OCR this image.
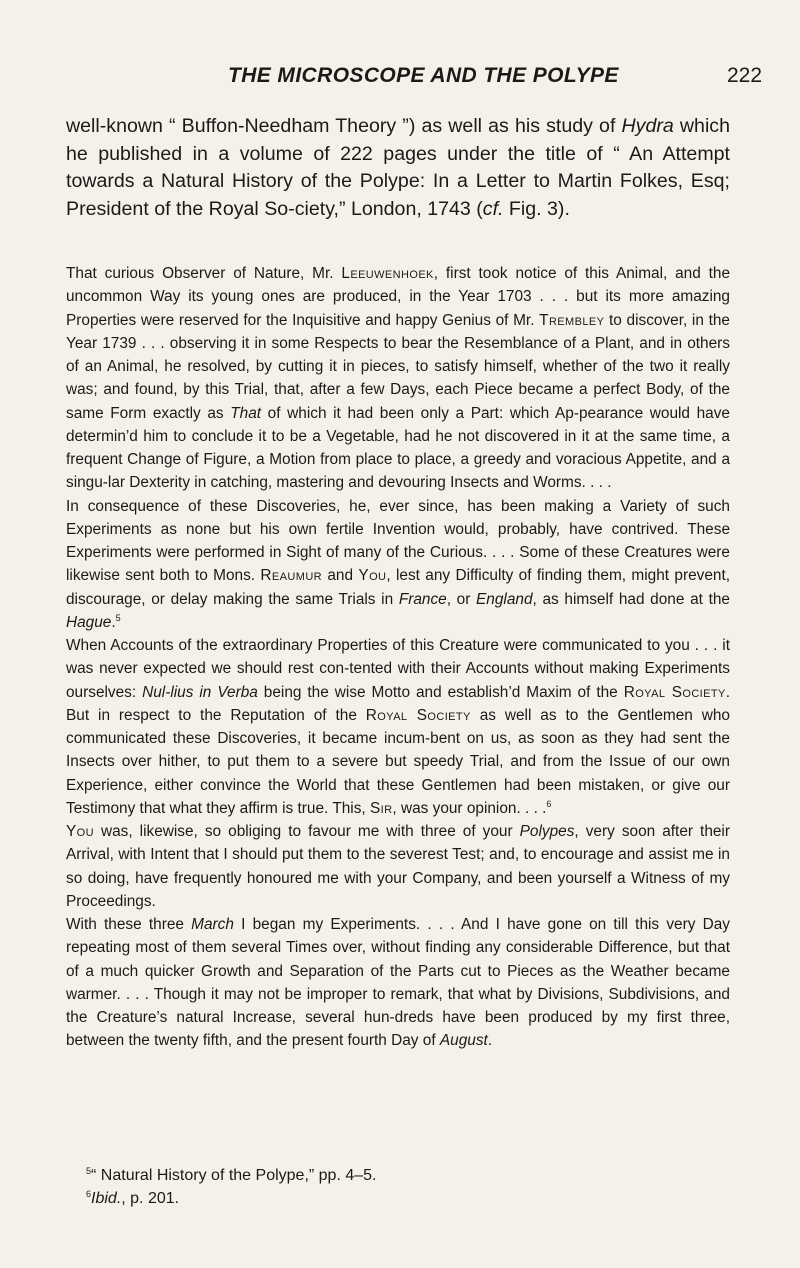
THE MICROSCOPE AND THE POLYPE	222

well-known “ Buffon-Needham Theory ”) as well as his study of Hydra which he published in a volume of 222 pages under the title of “ An Attempt towards a Natural History of the Polype: In a Letter to Martin Folkes, Esq; President of the Royal So-ciety,” London, 1743 (cf. Fig. 3).

That curious Observer of Nature, Mr. Leeuwenhoek, first took notice of this Animal, and the uncommon Way its young ones are produced, in the Year 1703 . . . but its more amazing Properties were reserved for the Inquisitive and happy Genius of Mr. Trembley to discover, in the Year 1739 . . . observing it in some Respects to bear the Resemblance of a Plant, and in others of an Animal, he resolved, by cutting it in pieces, to satisfy himself, whether of the two it really was; and found, by this Trial, that, after a few Days, each Piece became a perfect Body, of the same Form exactly as That of which it had been only a Part: which Ap-pearance would have determin’d him to conclude it to be a Vegetable, had he not discovered in it at the same time, a frequent Change of Figure, a Motion from place to place, a greedy and voracious Appetite, and a singu-lar Dexterity in catching, mastering and devouring Insects and Worms. . . .

In consequence of these Discoveries, he, ever since, has been making a Variety of such Experiments as none but his own fertile Invention would, probably, have contrived. These Experiments were performed in Sight of many of the Curious. . . . Some of these Creatures were likewise sent both to Mons. Reaumur and You, lest any Difficulty of finding them, might prevent, discourage, or delay making the same Trials in France, or England, as himself had done at the Hague.$^5$

When Accounts of the extraordinary Properties of this Creature were communicated to you . . . it was never expected we should rest con-tented with their Accounts without making Experiments ourselves: Nul-lius in Verba being the wise Motto and establish’d Maxim of the Royal Society. But in respect to the Reputation of the Royal Society as well as to the Gentlemen who communicated these Discoveries, it became incum-bent on us, as soon as they had sent the Insects over hither, to put them to a severe but speedy Trial, and from the Issue of our own Experience, either convince the World that these Gentlemen had been mistaken, or give our Testimony that what they affirm is true. This, Sir, was your opinion. . . .$^6$

You was, likewise, so obliging to favour me with three of your Polypes, very soon after their Arrival, with Intent that I should put them to the severest Test; and, to encourage and assist me in so doing, have frequently honoured me with your Company, and been yourself a Witness of my Proceedings.

With these three March I began my Experiments. . . . And I have gone on till this very Day repeating most of them several Times over, without finding any considerable Difference, but that of a much quicker Growth and Separation of the Parts cut to Pieces as the Weather became warmer. . . . Though it may not be improper to remark, that what by Divisions, Subdivisions, and the Creature’s natural Increase, several hun-dreds have been produced by my first three, between the twenty fifth, and the present fourth Day of August.

$^5$“ Natural History of the Polype,” pp. 4–5.

$^6$Ibid., p. 201.
